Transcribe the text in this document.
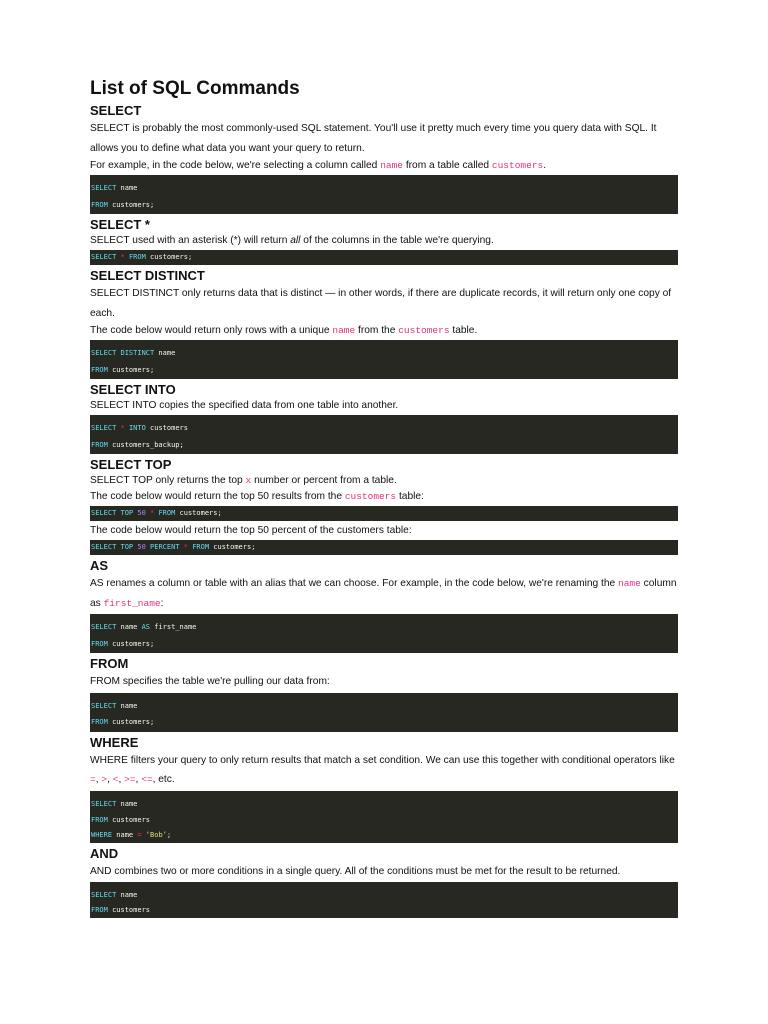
List of SQL Commands
SELECT

SELECT is probably the most commonly-used SQL statement. You'll use it pretty much every time you query data with SQL. It allows you to define what data you want your query to return.

For example, in the code below, we're selecting a column called name from a table called customers.

SELECT name
FROM customers;
SELECT *

SELECT used with an asterisk (*) will return all of the columns in the table we're querying.

SELECT * FROM customers;
SELECT DISTINCT

SELECT DISTINCT only returns data that is distinct — in other words, if there are duplicate records, it will return only one copy of each.

The code below would return only rows with a unique name from the customers table.

SELECT DISTINCT name
FROM customers;
SELECT INTO

SELECT INTO copies the specified data from one table into another.

SELECT * INTO customers
FROM customers_backup;
SELECT TOP

SELECT TOP only returns the top x number or percent from a table.

The code below would return the top 50 results from the customers table:

SELECT TOP 50 * FROM customers;

The code below would return the top 50 percent of the customers table:

SELECT TOP 50 PERCENT * FROM customers;
AS

AS renames a column or table with an alias that we can choose. For example, in the code below, we're renaming the name column as first_name:

SELECT name AS first_name
FROM customers;
FROM

FROM specifies the table we're pulling our data from:

SELECT name
FROM customers;
WHERE

WHERE filters your query to only return results that match a set condition. We can use this together with conditional operators like =, >, <, >=, <=, etc.

SELECT name
FROM customers
WHERE name = ‘Bob’;
AND

AND combines two or more conditions in a single query. All of the conditions must be met for the result to be returned.

SELECT name
FROM customers
